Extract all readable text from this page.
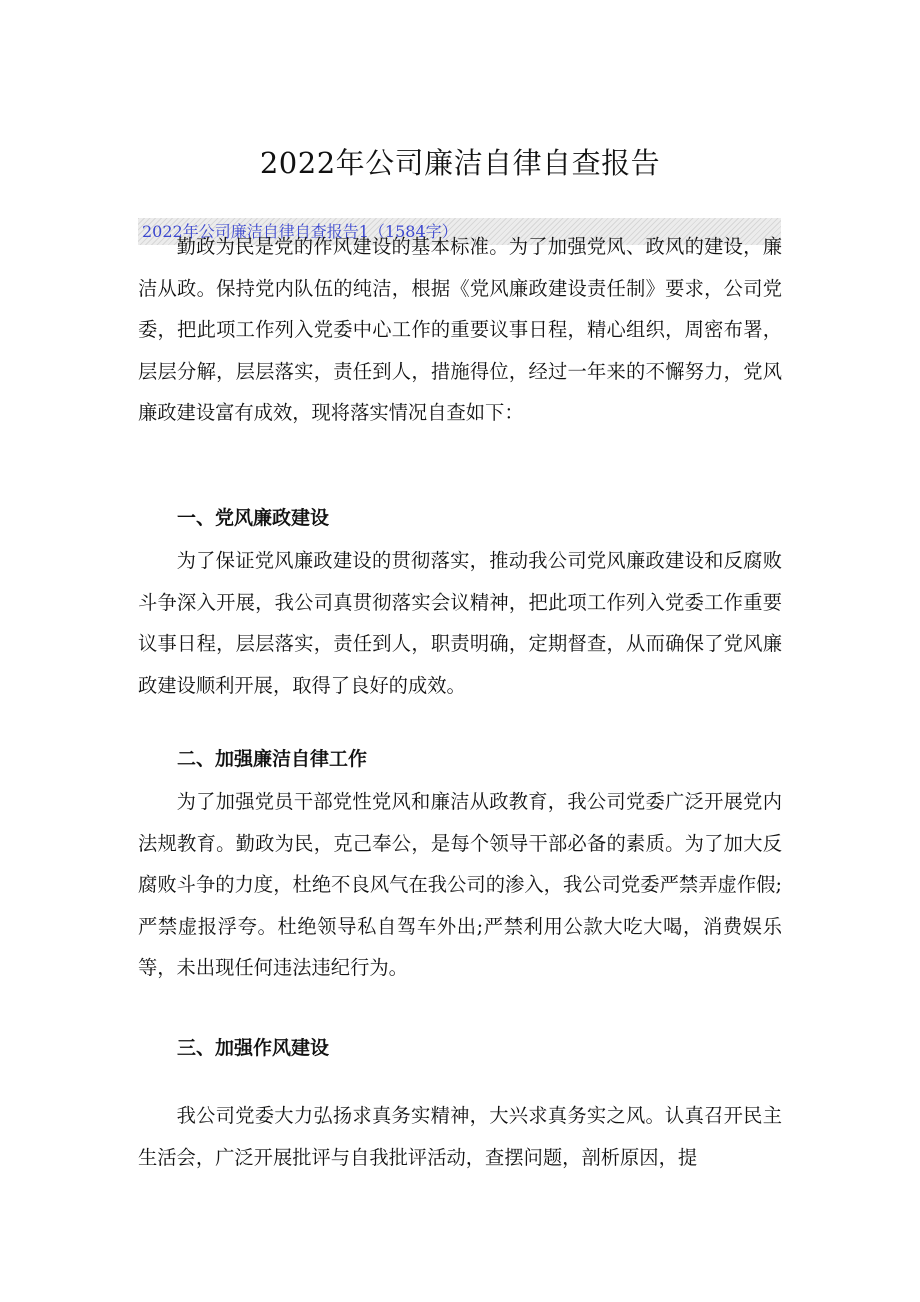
2022年公司廉洁自律自查报告
2022年公司廉洁自律自查报告1（1584字）

勤政为民是党的作风建设的基本标准。为了加强党风、政风的建设，廉洁从政。保持党内队伍的纯洁，根据《党风廉政建设责任制》要求，公司党委，把此项工作列入党委中心工作的重要议事日程，精心组织，周密布署，层层分解，层层落实，责任到人，措施得位，经过一年来的不懈努力，党风廉政建设富有成效，现将落实情况自查如下：

一、党风廉政建设

为了保证党风廉政建设的贯彻落实，推动我公司党风廉政建设和反腐败斗争深入开展，我公司真贯彻落实会议精神，把此项工作列入党委工作重要议事日程，层层落实，责任到人，职责明确，定期督查，从而确保了党风廉政建设顺利开展，取得了良好的成效。

二、加强廉洁自律工作

为了加强党员干部党性党风和廉洁从政教育，我公司党委广泛开展党内法规教育。勤政为民，克己奉公，是每个领导干部必备的素质。为了加大反腐败斗争的力度，杜绝不良风气在我公司的渗入，我公司党委严禁弄虚作假;严禁虚报浮夸。杜绝领导私自驾车外出;严禁利用公款大吃大喝，消费娱乐等，未出现任何违法违纪行为。

三、加强作风建设

我公司党委大力弘扬求真务实精神，大兴求真务实之风。认真召开民主生活会，广泛开展批评与自我批评活动，查摆问题，剖析原因，提
